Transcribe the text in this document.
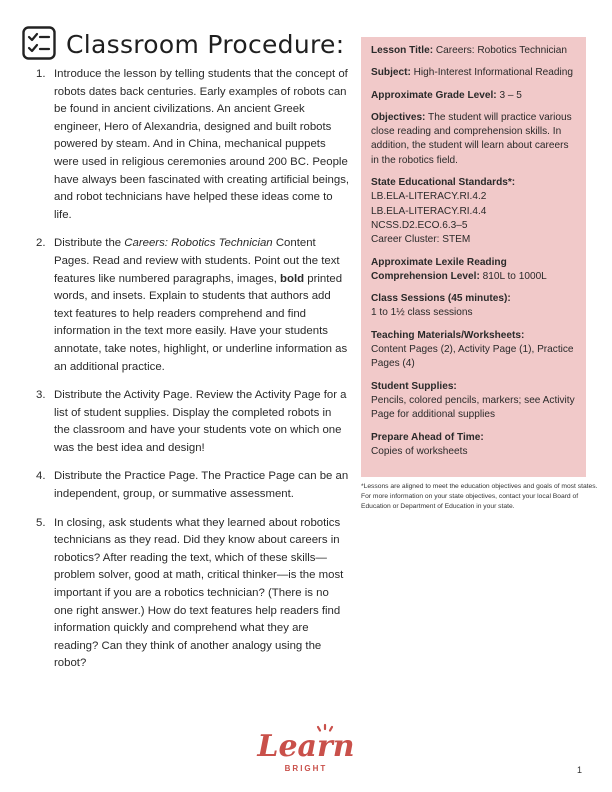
Classroom Procedure:
1. Introduce the lesson by telling students that the concept of robots dates back centuries. Early examples of robots can be found in ancient civilizations. An ancient Greek engineer, Hero of Alexandria, designed and built robots powered by steam. And in China, mechanical puppets were used in religious ceremonies around 200 BC. People have always been fascinated with creating artificial beings, and robot technicians have helped these ideas come to life.
2. Distribute the Careers: Robotics Technician Content Pages. Read and review with students. Point out the text features like numbered paragraphs, images, bold printed words, and insets. Explain to students that authors add text features to help readers comprehend and find information in the text more easily. Have your students annotate, take notes, highlight, or underline information as an additional practice.
3. Distribute the Activity Page. Review the Activity Page for a list of student supplies. Display the completed robots in the classroom and have your students vote on which one was the best idea and design!
4. Distribute the Practice Page. The Practice Page can be an independent, group, or summative assessment.
5. In closing, ask students what they learned about robotics technicians as they read. Did they know about careers in robotics? After reading the text, which of these skills—problem solver, good at math, critical thinker—is the most important if you are a robotics technician? (There is no one right answer.) How do text features help readers find information quickly and comprehend what they are reading? Can they think of another analogy using the robot?
Lesson Title: Careers: Robotics Technician
Subject: High-Interest Informational Reading
Approximate Grade Level: 3 – 5
Objectives: The student will practice various close reading and comprehension skills. In addition, the student will learn about careers in the robotics field.
State Educational Standards*:
LB.ELA-LITERACY.RI.4.2
LB.ELA-LITERACY.RI.4.4
NCSS.D2.ECO.6.3–5
Career Cluster: STEM
Approximate Lexile Reading Comprehension Level: 810L to 1000L
Class Sessions (45 minutes):
1 to 1½ class sessions
Teaching Materials/Worksheets:
Content Pages (2), Activity Page (1), Practice Pages (4)
Student Supplies:
Pencils, colored pencils, markers; see Activity Page for additional supplies
Prepare Ahead of Time:
Copies of worksheets
*Lessons are aligned to meet the education objectives and goals of most states. For more information on your state objectives, contact your local Board of Education or Department of Education in your state.
Learn
BRIGHT	1
